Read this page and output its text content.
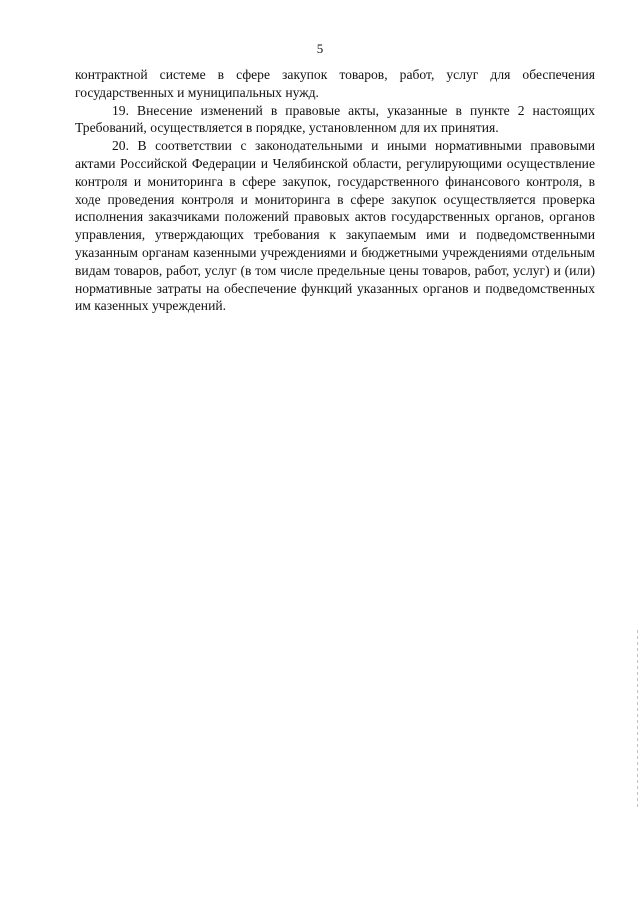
5

контрактной системе в сфере закупок товаров, работ, услуг для обеспечения государственных и муниципальных нужд.

19. Внесение изменений в правовые акты, указанные в пункте 2 настоящих Требований, осуществляется в порядке, установленном для их принятия.

20. В соответствии с законодательными и иными нормативными правовыми актами Российской Федерации и Челябинской области, регулирующими осуществление контроля и мониторинга в сфере закупок, государственного финансового контроля, в ходе проведения контроля и мониторинга в сфере закупок осуществляется проверка исполнения заказчиками положений правовых актов государственных органов, органов управления, утверждающих требования к закупаемым ими и подведомственными указанным органам казенными учреждениями и бюджетными учреждениями отдельным видам товаров, работ, услуг (в том числе предельные цены товаров, работ, услуг) и (или) нормативные затраты на обеспечение функций указанных органов и подведомственных им казенных учреждений.
